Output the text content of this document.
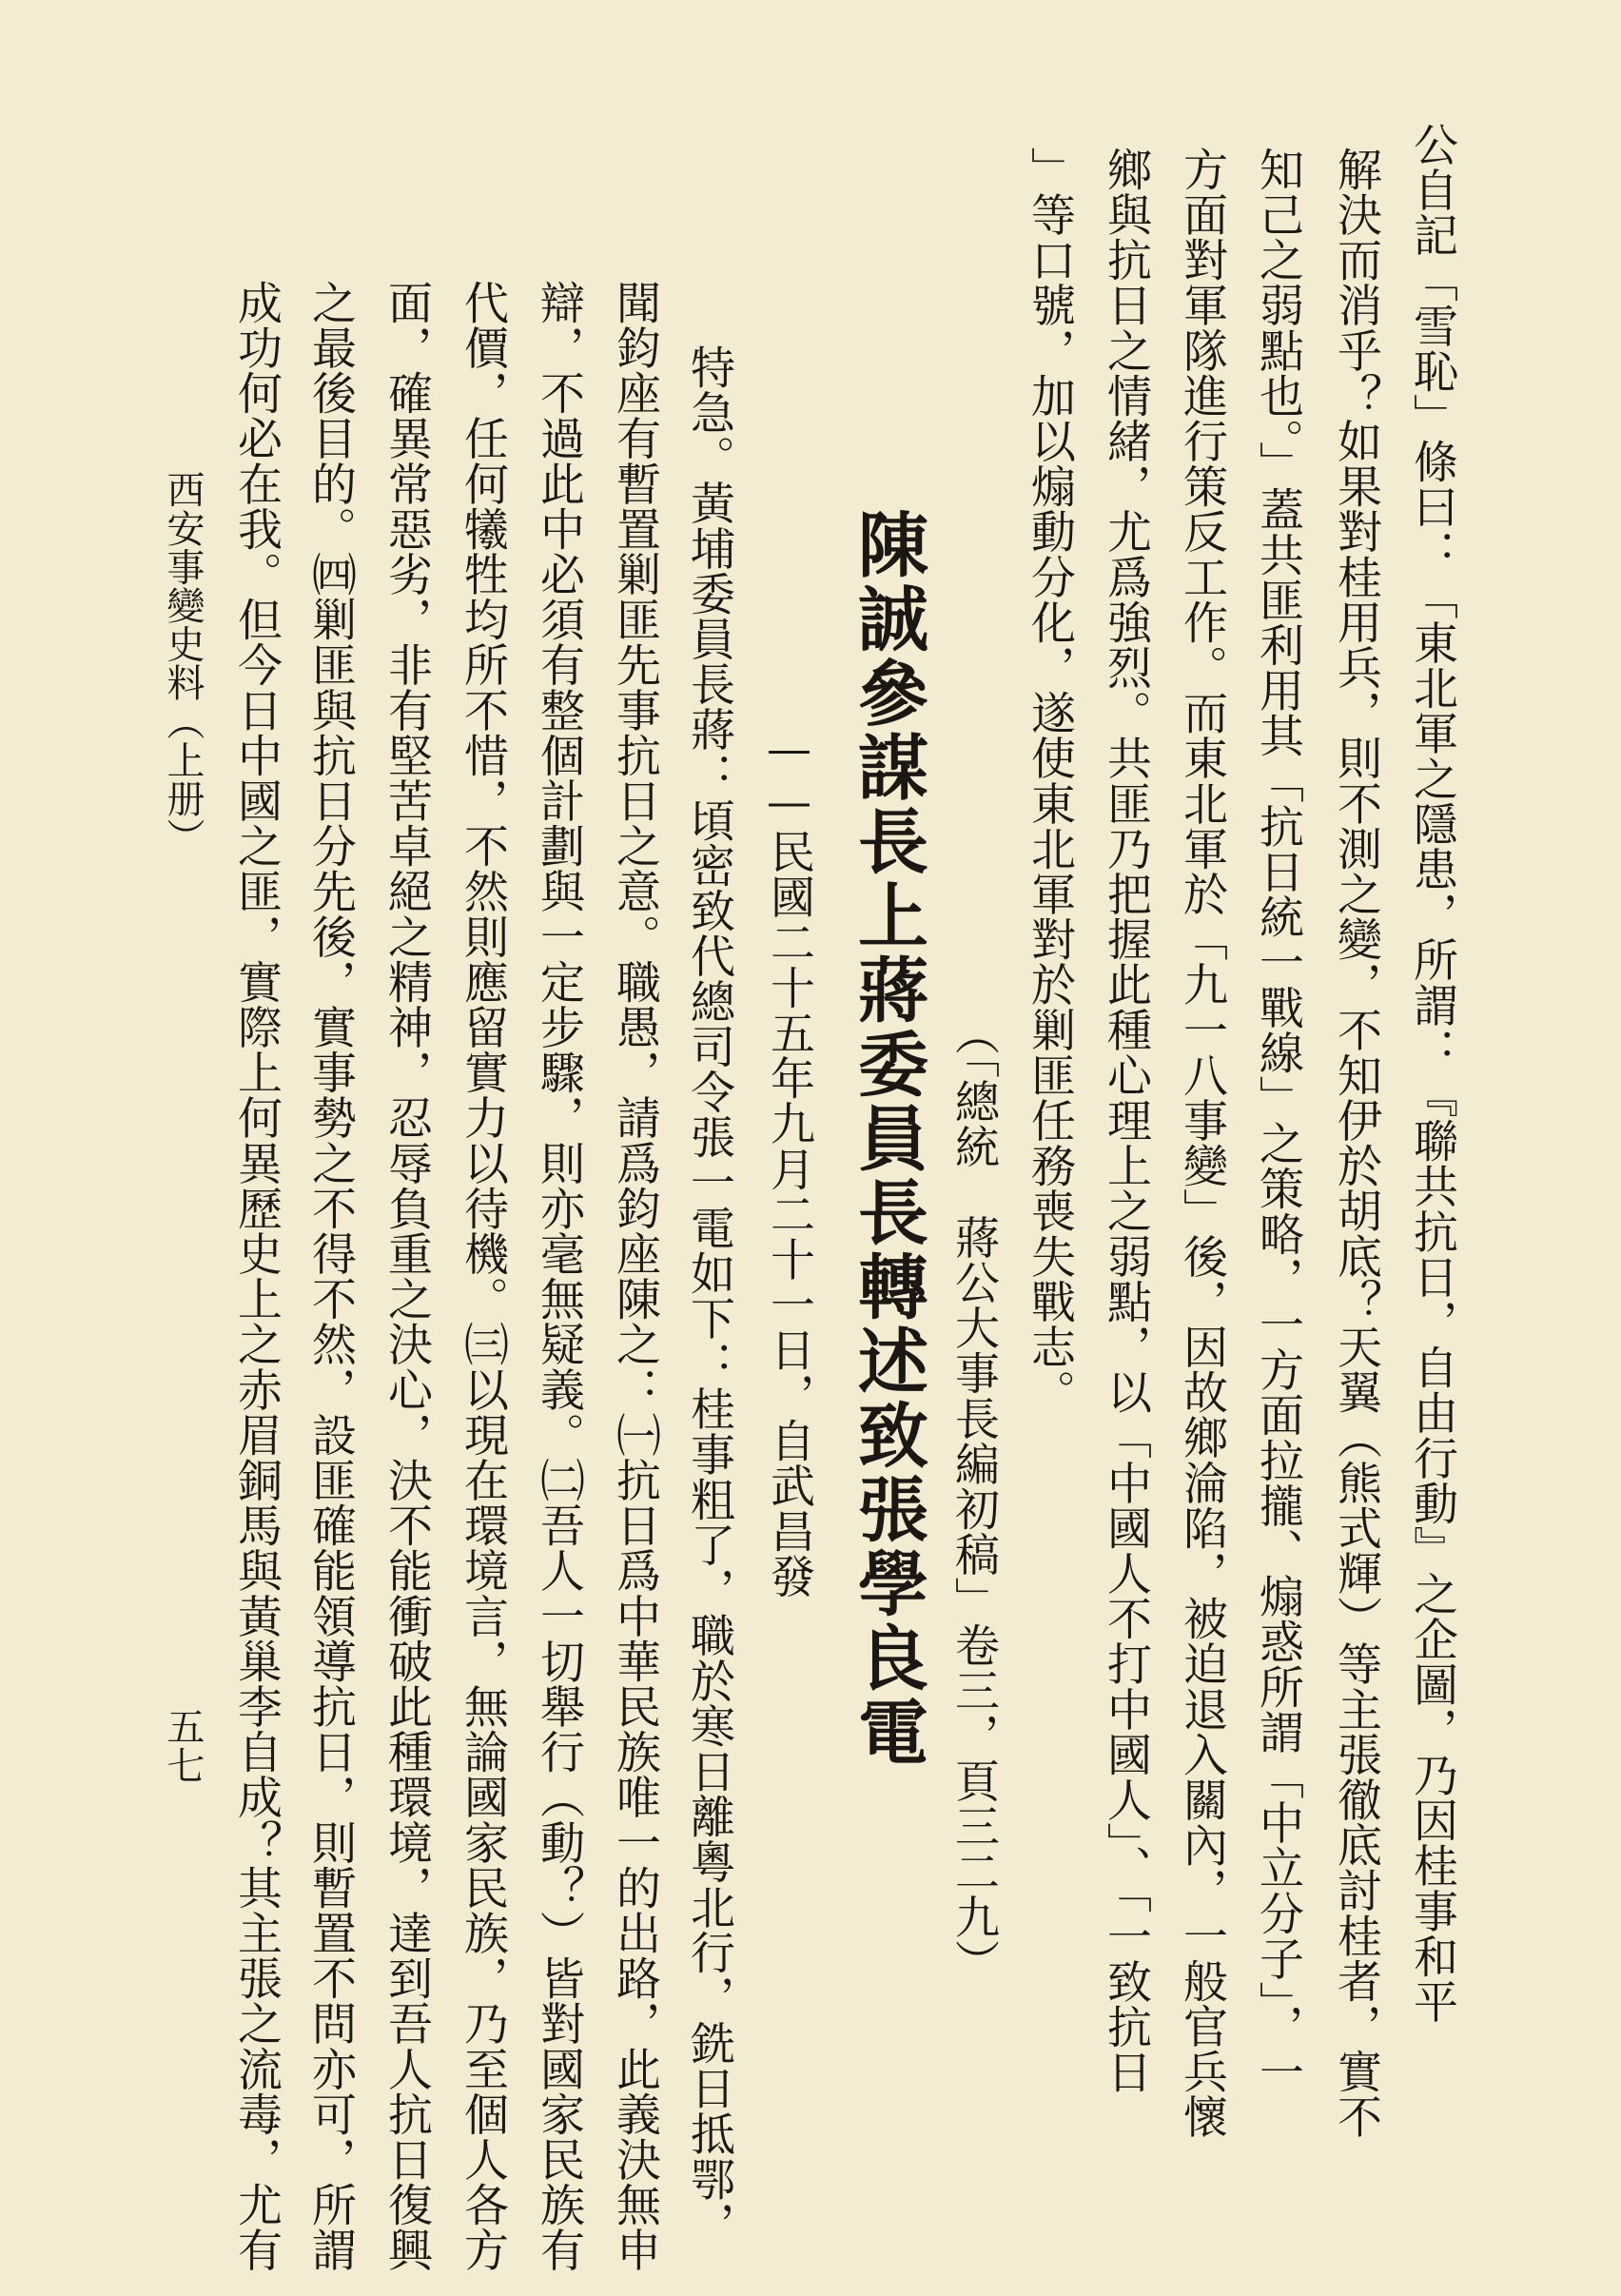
公自記「雪恥」條曰：「東北軍之隱患，所謂：『聯共抗日，自由行動』之企圖，乃因桂事和平
解決而消乎？如果對桂用兵，則不測之變，不知伊於胡底？天翼（熊式輝）等主張徹底討桂者，實不
知己之弱點也。」蓋共匪利用其「抗日統一戰線」之策略，一方面拉攏、煽惑所謂「中立分子」，一
方面對軍隊進行策反工作。而東北軍於「九一八事變」後，因故鄉淪陷，被迫退入關內，一般官兵懷
鄉與抗日之情緒，尤爲強烈。共匪乃把握此種心理上之弱點，以「中國人不打中國人」、「一致抗日
」等口號，加以煽動分化，遂使東北軍對於剿匪任務喪失戰志。
（「總統　蔣公大事長編初稿」卷三，頁三二九）
陳誠參謀長上蔣委員長轉述致張學良電
——民國二十五年九月二十一日，自武昌發
特急。黃埔委員長蔣：頃密致代總司令張一電如下：桂事粗了，職於寒日離粵北行，銑日抵鄂，
聞鈞座有暫置剿匪先事抗日之意。職愚，請爲鈞座陳之：㈠抗日爲中華民族唯一的出路，此義決無申
辯，不過此中必須有整個計劃與一定步驟，則亦毫無疑義。㈡吾人一切舉行（動？）皆對國家民族有
代價，任何犧牲均所不惜，不然則應留實力以待機。㈢以現在環境言，無論國家民族，乃至個人各方
面，確異常惡劣，非有堅苦卓絕之精神，忍辱負重之決心，決不能衝破此種環境，達到吾人抗日復興
之最後目的。㈣剿匪與抗日分先後，實事勢之不得不然，設匪確能領導抗日，則暫置不問亦可，所謂
成功何必在我。但今日中國之匪，實際上何異歷史上之赤眉銅馬與黃巢李自成？其主張之流毒，尤有
西安事變史料（上册）
五七
